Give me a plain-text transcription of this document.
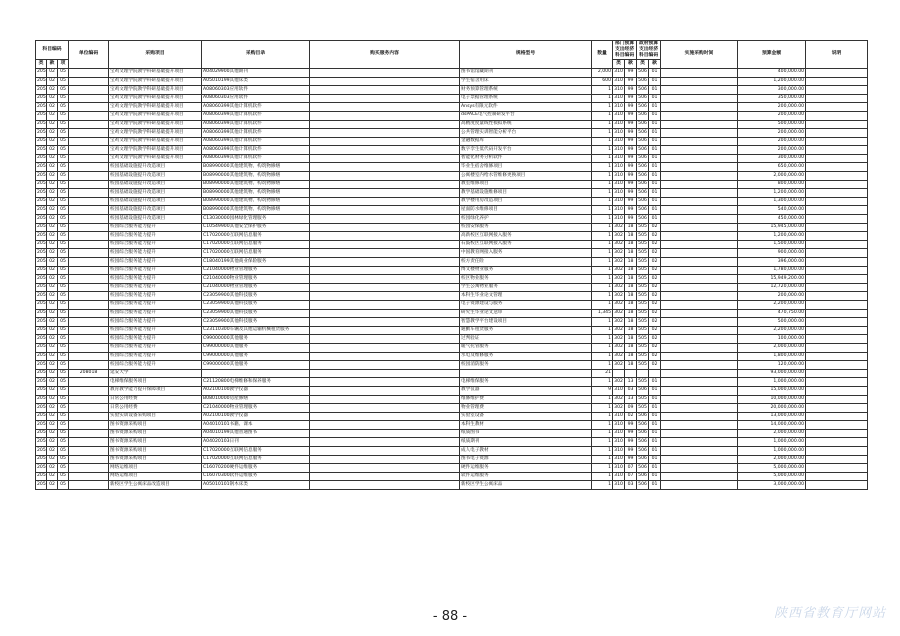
科目编码			单位编码	采购项目	采购目录	购买服务内容	规格型号	数量	部门预算支出经济科目编码		政府预算支出经济科目编码		实施采购时间	预算金额	说明

类	款	项							类	款	类	款			
205	02	05		宝鸡文理学院教学科研基础提升项目	A04029900其他期刊		图书馆馆藏期刊	2,000	310	99	506	01		400,000.00	
205	02	05		宝鸡文理学院教学科研基础提升项目	A05010199其他床类		学生宿舍用床	600	310	99	506	01		1,200,000.00	
205	02	05		宝鸡文理学院教学科研基础提升项目	A08060303应用软件		财务预算管理系统	1	310	99	506	01		300,000.00	
205	02	05		宝鸡文理学院教学科研基础提升项目	A08060303应用软件		电子票据管理系统	1	310	99	506	01		350,000.00	
205	02	05		宝鸡文理学院教学科研基础提升项目	A08060399其他计算机软件		Ansys有限元软件	1	310	99	506	01		200,000.00	
205	02	05		宝鸡文理学院教学科研基础提升项目	A08060399其他计算机软件		dsPACE电气控制研发平台	1	310	99	506	01		200,000.00	
205	02	05		宝鸡文理学院教学科研基础提升项目	A08060399其他计算机软件		高精度度量线性模拟系统	1	310	99	506	01		500,000.00	
205	02	05		宝鸡文理学院教学科研基础提升项目	A08060399其他计算机软件		公共管理实训智能分析平台	1	310	99	506	01		200,000.00	
205	02	05		宝鸡文理学院教学科研基础提升项目	A08060399其他计算机软件		金融数据库	1	310	99	506	01		200,000.00	
205	02	05		宝鸡文理学院教学科研基础提升项目	A08060399其他计算机软件		数字孪生低代码开发平台	1	310	99	506	01		200,000.00	
205	02	05		宝鸡文理学院教学科研基础提升项目	A08060399其他计算机软件		智能化财务分析软件	1	310	99	506	01		300,000.00	
205	02	05		校园基础设施提升改造项目	B08990000其他建筑物、构筑物修缮		毕业生宿舍维修项目	1	310	99	506	01		650,000.00	
205	02	05		校园基础设施提升改造项目	B08990000其他建筑物、构筑物修缮		公寓楼室内给水管维修更换项目	1	310	99	506	01		2,000,000.00	
205	02	05		校园基础设施提升改造项目	B08990000其他建筑物、构筑物修缮		教室维修项目	1	310	99	506	01		800,000.00	
205	02	05		校园基础设施提升改造项目	B08990000其他建筑物、构筑物修缮		教学基础设施维修项目	1	310	99	506	01		1,200,000.00	
205	02	05		校园基础设施提升改造项目	B08990000其他建筑物、构筑物修缮		教学楼用房改造项目	1	310	99	506	01		1,300,000.00	
205	02	05		校园基础设施提升改造项目	B08990000其他建筑物、构筑物修缮		屋面防水维修项目	1	310	99	506	01		540,000.00	
205	02	05		校园基础设施提升改造项目	C13030000园林绿化管理服务		校园绿化养护	1	310	99	506	01		450,000.00	
205	02	05		校园综合服务能力提升	C10549900其他安全保护服务		校园安保服务	1	302	18	505	02		15,945,000.00	
205	02	05		校园综合服务能力提升	C17020000互联网信息服务		高新校区互联网接入服务	1	302	18	505	02		1,200,000.00	
205	02	05		校园综合服务能力提升	C17020000互联网信息服务		石鼓校区互联网接入服务	1	302	18	505	02		1,500,000.00	
205	02	05		校园综合服务能力提升	C17020000互联网信息服务		中国教育网接入服务	1	302	18	505	02		900,000.00	
205	02	05		校园综合服务能力提升	C18040199其他商业保险服务		校方责任险	1	302	18	505	02		396,000.00	
205	02	05		校园综合服务能力提升	C21040000物业管理服务		博文楼物业服务	1	302	18	505	02		1,780,000.00	
205	02	05		校园综合服务能力提升	C21040000物业管理服务		校区物业服务	1	302	18	505	02		15,949,200.00	
205	02	05		校园综合服务能力提升	C21040000物业管理服务		学生公寓物业服务	1	302	18	505	02		12,720,000.00	
205	02	05		校园综合服务能力提升	C23059900其他科技服务		本科生毕业论文管理	1	302	18	505	02		200,000.00	
205	02	05		校园综合服务能力提升	C23059900其他科技服务		电子资源建设与服务	1	302	18	505	02		2,200,000.00	
205	02	05		校园综合服务能力提升	C23059900其他科技服务		研究生毕业论文送审	1,345	302	18	505	02		470,750.00	
205	02	05		校园综合服务能力提升	C23059900其他科技服务		智慧教学平台建设项目	1	302	18	505	02		500,000.00	
205	02	05		校园综合服务能力提升	C23110300车辆及其他运输机械租赁服务		通勤车租赁服务	1	302	18	505	02		2,200,000.00	
205	02	05		校园综合服务能力提升	C99000000其他服务		过判验证	1	302	18	505	02		100,000.00	
205	02	05		校园综合服务能力提升	C99000000其他服务		暖气托管服务	1	302	18	505	02		2,000,000.00	
205	02	05		校园综合服务能力提升	C99000000其他服务		水电及维修服务	1	302	18	505	02		1,800,000.00	
205	02	05		校园综合服务能力提升	C99000000其他服务		校园消防服务	1	302	18	505	02		120,000.00	
205	02	05	208018	延安大学				21						93,000,000.00	
205	02	05		电梯维保服务项目	C21120800电梯维修和保养服务		电梯维保服务	1	302	13	505	01		1,000,000.00	
205	02	05		教育教学能力提升保障项目	A02100100教学仪器		教学仪器	9	310	03	506	01		15,000,000.00	
205	02	05		日常公用经费	B08010000房屋修缮		维修维护费	1	302	13	505	01		10,000,000.00	
205	02	05		日常公用经费	C21040000物业管理服务		物业管理费	1	302	09	505	01		20,000,000.00	
205	02	05		实验实训设备采购项目	A02100100教学仪器		实验室设备	1	310	02	506	01		13,000,000.00	
205	02	05		图书资源采购项目	A04010101书籍、课本		本科生教材	1	310	99	506	01		14,000,000.00	
205	02	05		图书资源采购项目	A04010199其他普通图书		纸质图书	1	310	99	506	01		2,000,000.00	
205	02	05		图书资源采购项目	A04020103日刊		纸质期刊	1	310	99	506	01		1,000,000.00	
205	02	05		图书资源采购项目	C17020000互联网信息服务		成人电子教材	1	310	99	506	01		1,000,000.00	
205	02	05		图书资源采购项目	C17020000互联网信息服务		图书电子资源	1	310	99	506	01		2,000,000.00	
205	02	05		网络运维项目	C16070200硬件运维服务		硬件运维服务	1	310	07	506	01		5,000,000.00	
205	02	05		网络运维项目	C16070300软件运维服务		软件运维服务	1	310	07	506	01		5,000,000.00	
205	02	05		新校区学生公寓床品改造项目	A05010101钢木床类		新校区学生公寓床品	1	310	03	506	01		3,000,000.00	
- 88 -	陕西省教育厅网站
